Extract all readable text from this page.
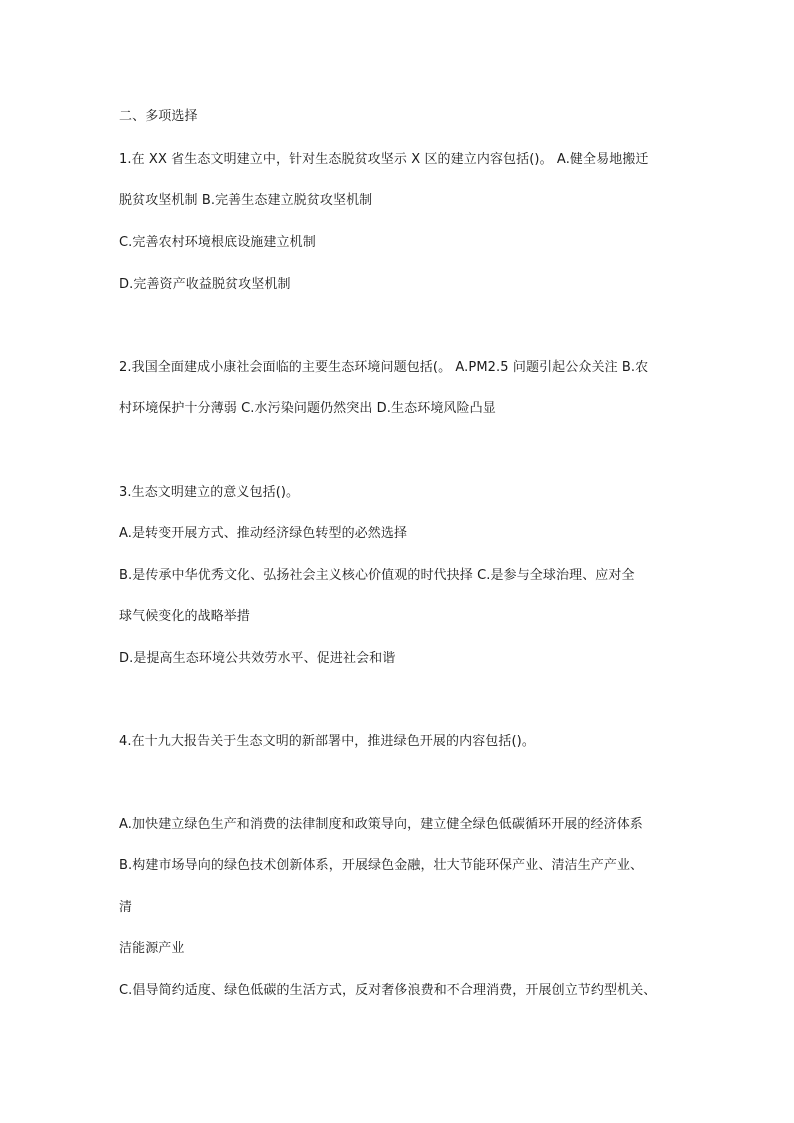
二、多项选择
1.在 XX 省生态文明建立中，针对生态脱贫攻坚示 X 区的建立内容包括()。 A.健全易地搬迁
脱贫攻坚机制 B.完善生态建立脱贫攻坚机制
C.完善农村环境根底设施建立机制
D.完善资产收益脱贫攻坚机制
2.我国全面建成小康社会面临的主要生态环境问题包括(。 A.PM2.5 问题引起公众关注 B.农
村环境保护十分薄弱 C.水污染问题仍然突出 D.生态环境风险凸显
3.生态文明建立的意义包括()。
A.是转变开展方式、推动经济绿色转型的必然选择
B.是传承中华优秀文化、弘扬社会主义核心价值观的时代抉择 C.是参与全球治理、应对全
球气候变化的战略举措
D.是提高生态环境公共效劳水平、促进社会和谐
4.在十九大报告关于生态文明的新部署中，推进绿色开展的内容包括()。
A.加快建立绿色生产和消费的法律制度和政策导向，建立健全绿色低碳循环开展的经济体系
B.构建市场导向的绿色技术创新体系，开展绿色金融，壮大节能环保产业、清洁生产产业、
清
洁能源产业
C.倡导简约适度、绿色低碳的生活方式，反对奢侈浪费和不合理消费，开展创立节约型机关、
